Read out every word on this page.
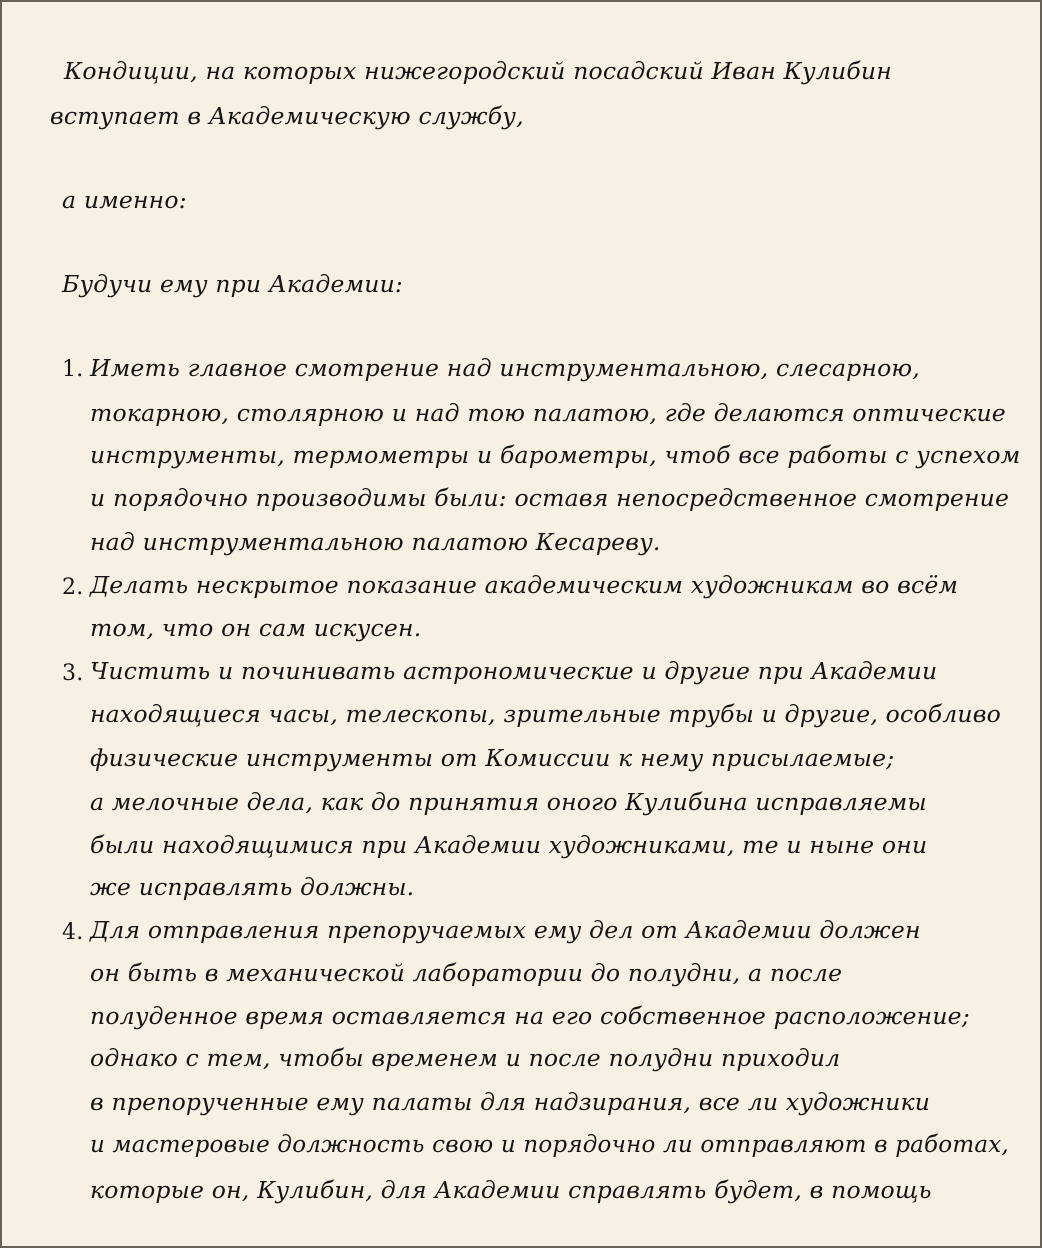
Кондиции, на которых нижегородский посадский Иван Кулибин
вступает в Академическую службу,
а именно:
Будучи ему при Академии:
1. Иметь главное смотрение над инструментальною, слесарною,
токарною, столярною и над тою палатою, где делаются оптические
инструменты, термометры и барометры, чтоб все работы с успехом
и порядочно производимы были: оставя непосредственное смотрение
над инструментальною палатою Кесареву.
2. Делать нескрытое показание академическим художникам во всём
том, что он сам искусен.
3. Чистить и починивать астрономические и другие при Академии
находящиеся часы, телескопы, зрительные трубы и другие, особливо
физические инструменты от Комиссии к нему присылаемые;
а мелочные дела, как до принятия оного Кулибина исправляемы
были находящимися при Академии художниками, те и ныне они
же исправлять должны.
4. Для отправления препоручаемых ему дел от Академии должен
он быть в механической лаборатории до полудни, а после
полуденное время оставляется на его собственное расположение;
однако с тем, чтобы временем и после полудни приходил
в препорученные ему палаты для надзирания, все ли художники
и мастеровые должность свою и порядочно ли отправляют в работах,
которые он, Кулибин, для Академии справлять будет, в помощь
